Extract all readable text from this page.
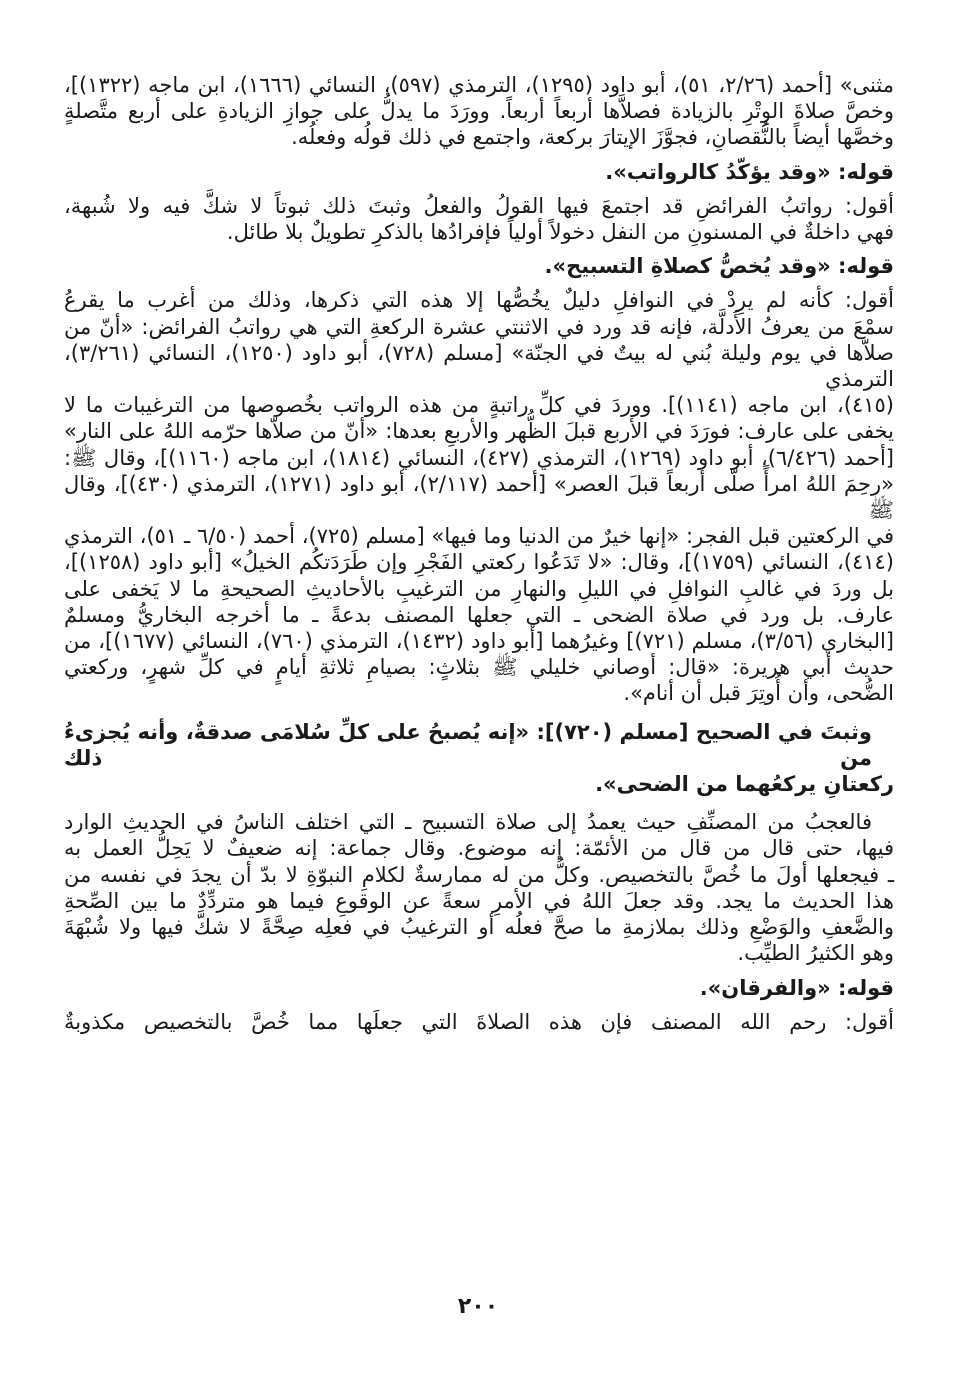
مثنى» [أحمد (٢/٢٦، ٥١)، أبو داود (١٢٩٥)، الترمذي (٥٩٧)، النسائي (١٦٦٦)، ابن ماجه (١٣٢٢)]،
وخصَّ صلاةَ الوِتْرِ بالزيادة فصلاَّها أربعاً أربعاً. وورَدَ ما يدلُّ على جوازِ الزيادةِ على أربع متَّصلةٍ
وخصَّها أيضاً بالنُّقصانِ، فجوَّزَ الإيتارَ بركعة، واجتمع في ذلك قولُه وفعلُه.

قوله: «وقد يؤكّدُ كالرواتب».

أقول: رواتبُ الفرائضِ قد اجتمعَ فيها القولُ والفعلُ وثبتَ ذلك ثبوتاً لا شكَّ فيه ولا شُبهة،
فهي داخلةٌ في المسنونِ من النفل دخولاً أولياً فإفرادُها بالذكرِ تطويلٌ بلا طائل.

قوله: «وقد يُخصُّ كصلاةِ التسبيح».

أقول: كأنه لم يرِدْ في النوافلِ دليلٌ يخُصُّها إلا هذه التي ذكرها، وذلك من أغرب ما يقرعُ
سمْعَ من يعرفُ الأَدلَّة، فإنه قد ورد في الاثنتي عشرة الركعةِ التي هي رواتبُ الفرائض: «أنّ من
صلاّها في يوم وليلة بُني له بيتٌ في الجنّة» [مسلم (٧٢٨)، أبو داود (١٢٥٠)، النسائي (٣/٢٦١)، الترمذي
(٤١٥)، ابن ماجه (١١٤١)]. ووردَ في كلِّ راتبةٍ من هذه الرواتب بخُصوصها من الترغيبات ما لا
يخفى على عارف: فورَدَ في الأربع قبلَ الظُّهر والأربعِ بعدها: «أنّ من صلاّها حرّمه اللهُ على النار»
[أحمد (٦/٤٢٦)، أبو داود (١٢٦٩)، الترمذي (٤٢٧)، النسائي (١٨١٤)، ابن ماجه (١١٦٠)]، وقال ﷺ:
«رحِمَ اللهُ امرأً صلّى أربعاً قبلَ العصر» [أحمد (٢/١١٧)، أبو داود (١٢٧١)، الترمذي (٤٣٠)]، وقال ﷺ
في الركعتين قبل الفجر: «إنها خيرٌ من الدنيا وما فيها» [مسلم (٧٢٥)، أحمد (٦/٥٠ ـ ٥١)، الترمذي
(٤١٤)، النسائي (١٧٥٩)]، وقال: «لا تَدَعُوا ركعتي الفَجْرِ وإن طَرَدَتكُم الخيلُ» [أبو داود (١٢٥٨)]،
بل وردَ في غالبِ النوافلِ في الليلِ والنهارِ من الترغيبِ بالأحاديثِ الصحيحةِ ما لا يَخفى على
عارف. بل ورد في صلاة الضحى ـ التي جعلها المصنف بدعةً ـ ما أخرجه البخاريُّ ومسلمٌ
[البخاري (٣/٥٦)، مسلم (٧٢١)] وغيرُهما [أبو داود (١٤٣٢)، الترمذي (٧٦٠)، النسائي (١٦٧٧)]، من
حديث أبي هريرة: «قال: أوصاني خليلي ﷺ بثلاثٍ: بصيامِ ثلاثةِ أيامٍ في كلِّ شهرٍ، وركعتي
الضُّحى، وأن أُوتِرَ قبل أن أنام».

وثبتَ في الصحيح [مسلم (٧٢٠)]: «إنه يُصبحُ على كلِّ سُلامَى صدقةٌ، وأنه يُجزىءُ من ذلك
ركعتانِ يركعُهما من الضحى».

فالعجبُ من المصنِّفِ حيث يعمدُ إلى صلاة التسبيح ـ التي اختلف الناسُ في الحديثِ الوارد
فيها، حتى قال من قال من الأئمّة: إنه موضوع. وقال جماعة: إنه ضعيفٌ لا يَحِلُّ العمل به
ـ فيجعلها أولَ ما خُصَّ بالتخصيص. وكلُّ من له ممارسةٌ لكلامِ النبوّةِ لا بدّ أن يجدَ في نفسه من
هذا الحديث ما يجد. وقد جعلَ اللهُ في الأمرِ سعةً عن الوقوعِ فيما هو متردِّدٌ ما بين الصِّحةِ
والضَّعفِ والوَضْعِ وذلك بملازمةِ ما صحَّ فعلُه أو الترغيبُ في فعلِه صِحَّةً لا شكَّ فيها ولا شُبْهَةَ
وهو الكثيرُ الطيِّب.

قوله: «والفرقان».

أقول: رحم الله المصنف فإن هذه الصلاةَ التي جعلَها مما خُصَّ بالتخصيص مكذوبةٌ

٢٠٠
